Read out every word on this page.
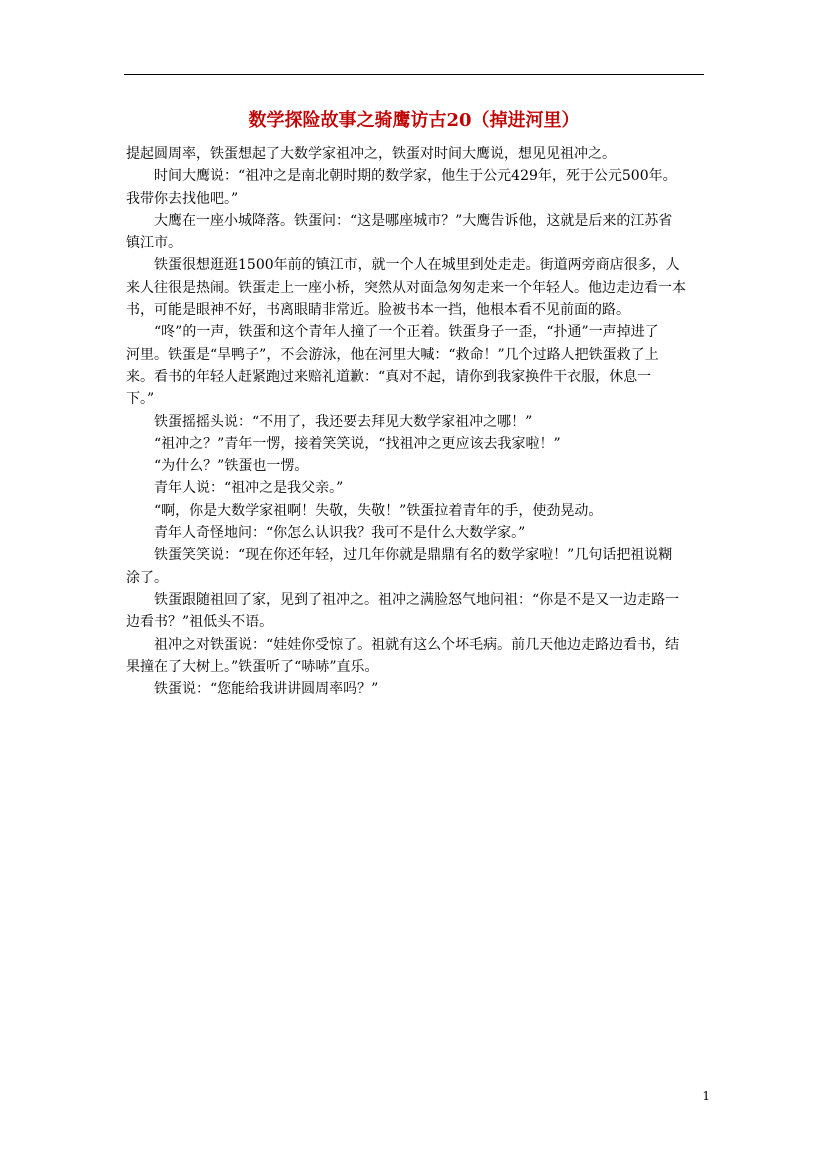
数学探险故事之骑鹰访古20（掉进河里）
提起圆周率，铁蛋想起了大数学家祖冲之，铁蛋对时间大鹰说，想见见祖冲之。
时间大鹰说：“祖冲之是南北朝时期的数学家，他生于公元429年，死于公元500年。
我带你去找他吧。”
大鹰在一座小城降落。铁蛋问：“这是哪座城市？”大鹰告诉他，这就是后来的江苏省
镇江市。
铁蛋很想逛逛1500年前的镇江市，就一个人在城里到处走走。街道两旁商店很多，人
来人往很是热闹。铁蛋走上一座小桥，突然从对面急匆匆走来一个年轻人。他边走边看一本
书，可能是眼神不好，书离眼睛非常近。脸被书本一挡，他根本看不见前面的路。
“咚”的一声，铁蛋和这个青年人撞了一个正着。铁蛋身子一歪，“扑通”一声掉进了
河里。铁蛋是“旱鸭子”，不会游泳，他在河里大喊：“救命！”几个过路人把铁蛋救了上
来。看书的年轻人赶紧跑过来赔礼道歉：“真对不起，请你到我家换件干衣服，休息一
下。”
铁蛋摇摇头说：“不用了，我还要去拜见大数学家祖冲之哪！”
“祖冲之？”青年一愣，接着笑笑说，“找祖冲之更应该去我家啦！”
“为什么？”铁蛋也一愣。
青年人说：“祖冲之是我父亲。”
“啊，你是大数学家祖啊！失敬，失敬！”铁蛋拉着青年的手，使劲晃动。
青年人奇怪地问：“你怎么认识我？我可不是什么大数学家。”
铁蛋笑笑说：“现在你还年轻，过几年你就是鼎鼎有名的数学家啦！”几句话把祖说糊
涂了。
铁蛋跟随祖回了家，见到了祖冲之。祖冲之满脸怒气地问祖：“你是不是又一边走路一
边看书？”祖低头不语。
祖冲之对铁蛋说：“娃娃你受惊了。祖就有这么个坏毛病。前几天他边走路边看书，结
果撞在了大树上。”铁蛋听了“哧哧”直乐。
铁蛋说：“您能给我讲讲圆周率吗？”
1
